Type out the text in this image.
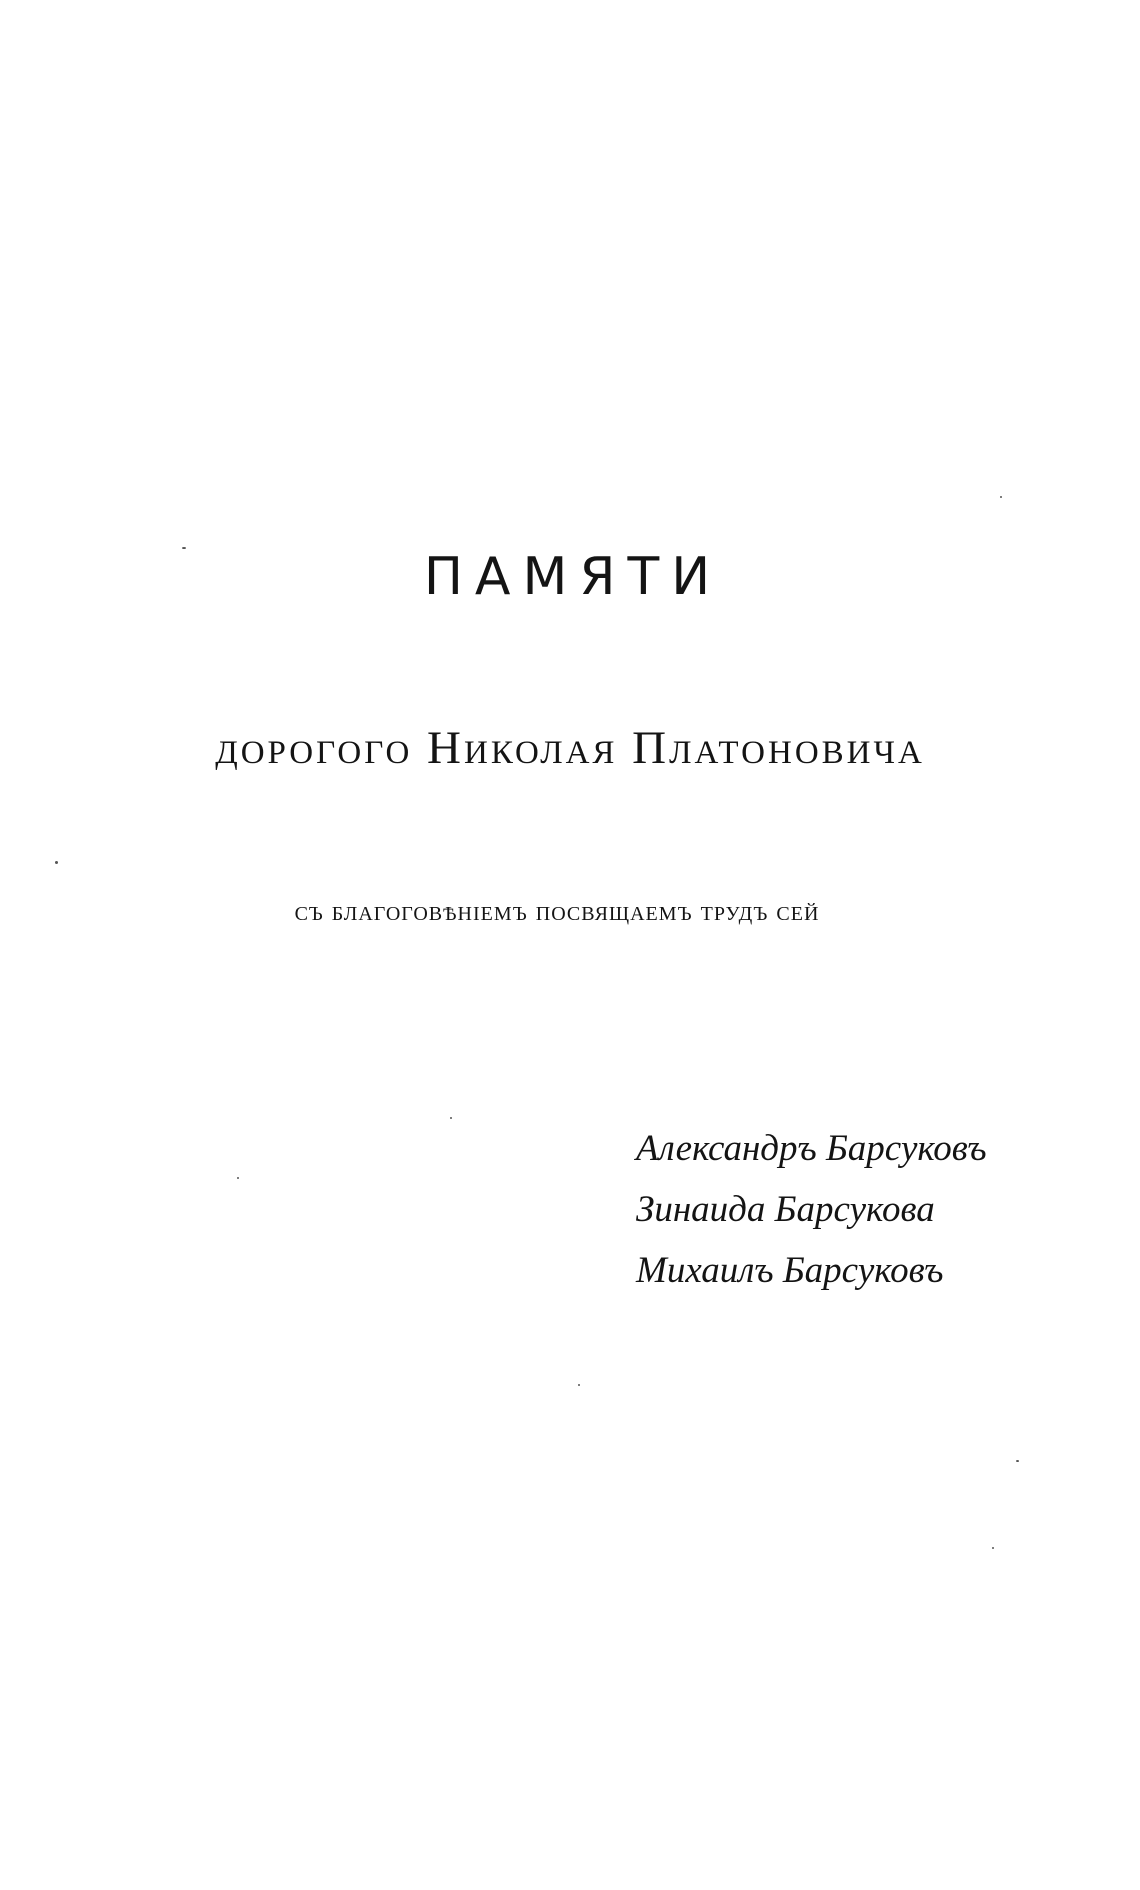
ПАМЯТИ
дорогого Николая Платоновича

съ благоговѣніемъ посвящаемъ трудъ сей

Александръ Барсуковъ
Зинаида Барсукова
Михаилъ Барсуковъ
